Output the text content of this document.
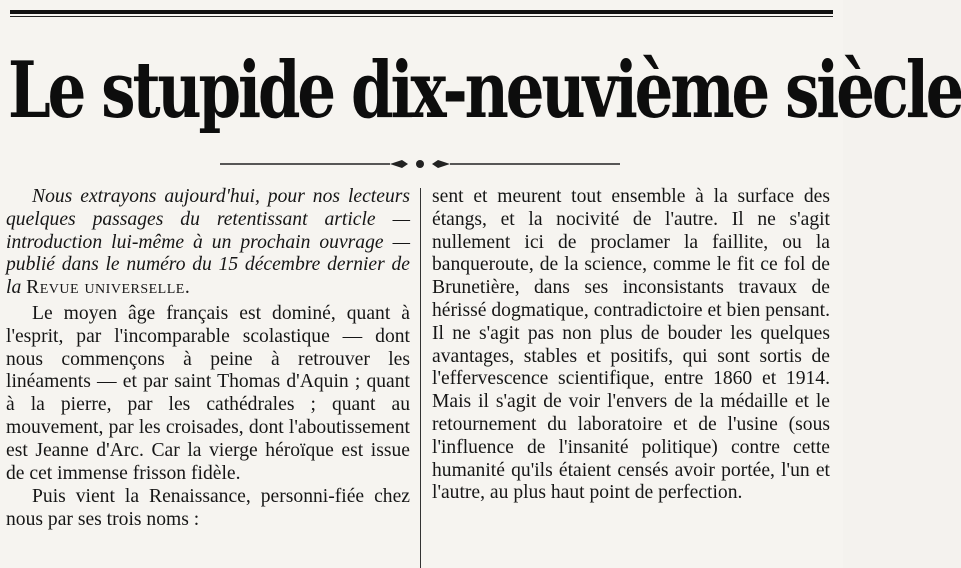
Le stupide dix-neuvième siècle

Nous extrayons aujourd'hui, pour nos lecteurs quelques passages du retentissant article — introduction lui-même à un prochain ouvrage — publié dans le numéro du 15 décembre dernier de la Revue universelle.

Le moyen âge français est dominé, quant à l'esprit, par l'incomparable scolastique — dont nous commençons à peine à retrouver les linéaments — et par saint Thomas d'Aquin ; quant à la pierre, par les cathédrales ; quant au mouvement, par les croisades, dont l'aboutissement est Jeanne d'Arc. Car la vierge héroïque est issue de cet immense frisson fidèle.

Puis vient la Renaissance, personni-fiée chez nous par ses trois noms :

sent et meurent tout ensemble à la surface des étangs, et la nocivité de l'autre. Il ne s'agit nullement ici de proclamer la faillite, ou la banqueroute, de la science, comme le fit ce fol de Brunetière, dans ses inconsistants travaux de hérissé dogmatique, contradictoire et bien pensant. Il ne s'agit pas non plus de bouder les quelques avantages, stables et positifs, qui sont sortis de l'effervescence scientifique, entre 1860 et 1914. Mais il s'agit de voir l'envers de la médaille et le retournement du laboratoire et de l'usine (sous l'influence de l'insanité politique) contre cette humanité qu'ils étaient censés avoir portée, l'un et l'autre, au plus haut point de perfection.
